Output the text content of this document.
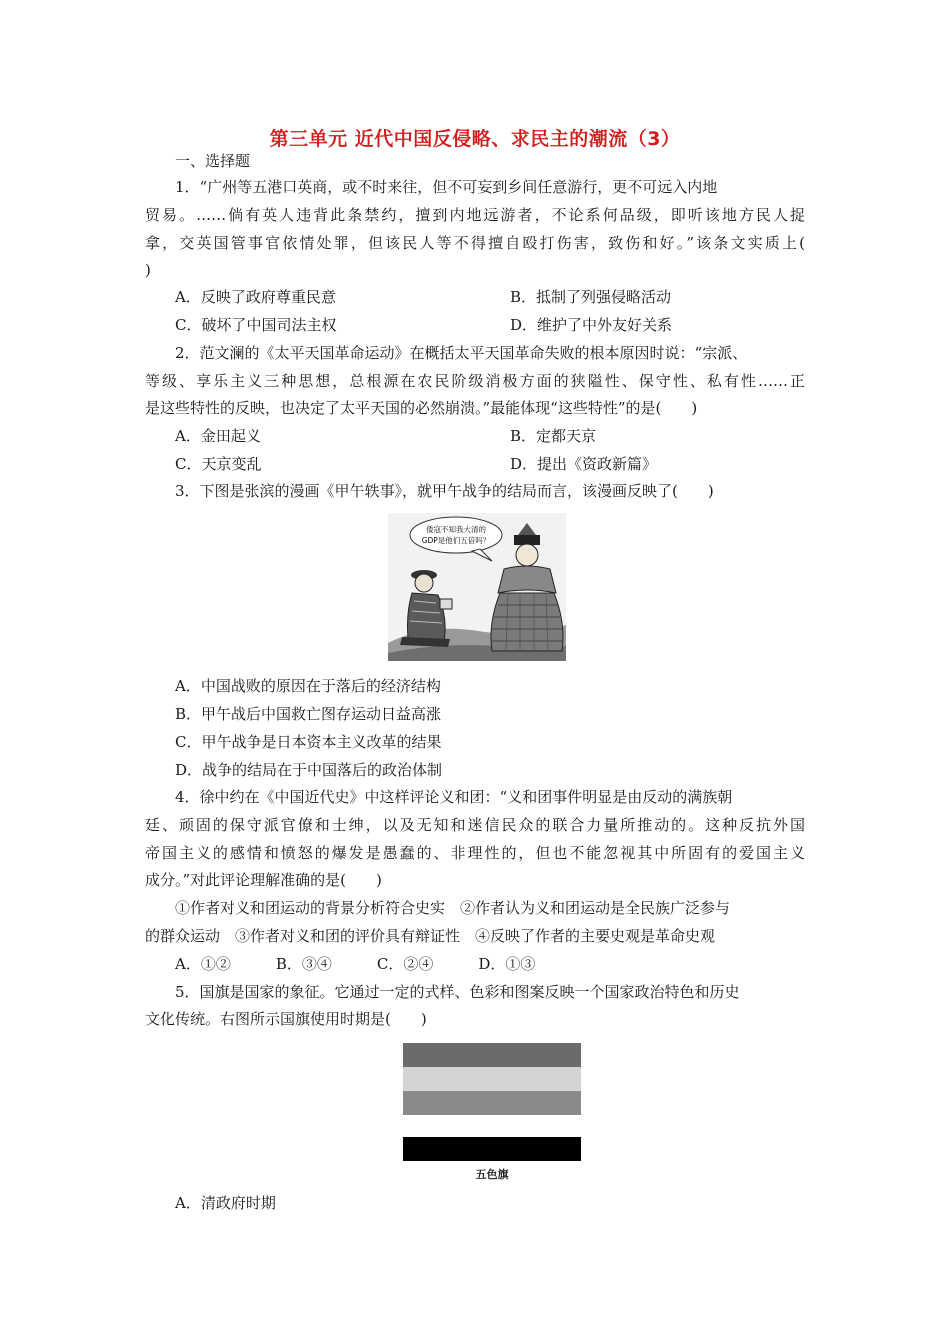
第三单元 近代中国反侵略、求民主的潮流（3）
一、选择题
1．“广州等五港口英商，或不时来往，但不可妄到乡间任意游行，更不可远入内地
贸易。……倘有英人违背此条禁约，擅到内地远游者，不论系何品级，即听该地方民人捉
拿，交英国管事官依情处罪，但该民人等不得擅自殴打伤害，致伤和好。”该条文实质上(
)
A．反映了政府尊重民意	B．抵制了列强侵略活动
C．破坏了中国司法主权	D．维护了中外友好关系
2．范文澜的《太平天国革命运动》在概括太平天国革命失败的根本原因时说：“宗派、
等级、享乐主义三种思想，总根源在农民阶级消极方面的狭隘性、保守性、私有性……正
是这些特性的反映，也决定了太平天国的必然崩溃。”最能体现“这些特性”的是(　　)
A．金田起义	B．定都天京
C．天京变乱	D．提出《资政新篇》
3．下图是张滨的漫画《甲午轶事》，就甲午战争的结局而言，该漫画反映了(　　)
倭寇不知我大清的
GDP是他们五倍吗？
A．中国战败的原因在于落后的经济结构
B．甲午战后中国救亡图存运动日益高涨
C．甲午战争是日本资本主义改革的结果
D．战争的结局在于中国落后的政治体制
4．徐中约在《中国近代史》中这样评论义和团：“义和团事件明显是由反动的满族朝
廷、顽固的保守派官僚和士绅，以及无知和迷信民众的联合力量所推动的。这种反抗外国
帝国主义的感情和愤怒的爆发是愚蠢的、非理性的，但也不能忽视其中所固有的爱国主义
成分。”对此评论理解准确的是(　　)
①作者对义和团运动的背景分析符合史实　②作者认为义和团运动是全民族广泛参与
的群众运动　③作者对义和团的评价具有辩证性　④反映了作者的主要史观是革命史观
A．①②　　　B．③④　　　C．②④　　　D．①③
5．国旗是国家的象征。它通过一定的式样、色彩和图案反映一个国家政治特色和历史
文化传统。右图所示国旗使用时期是(　　)
五色旗
A．清政府时期
